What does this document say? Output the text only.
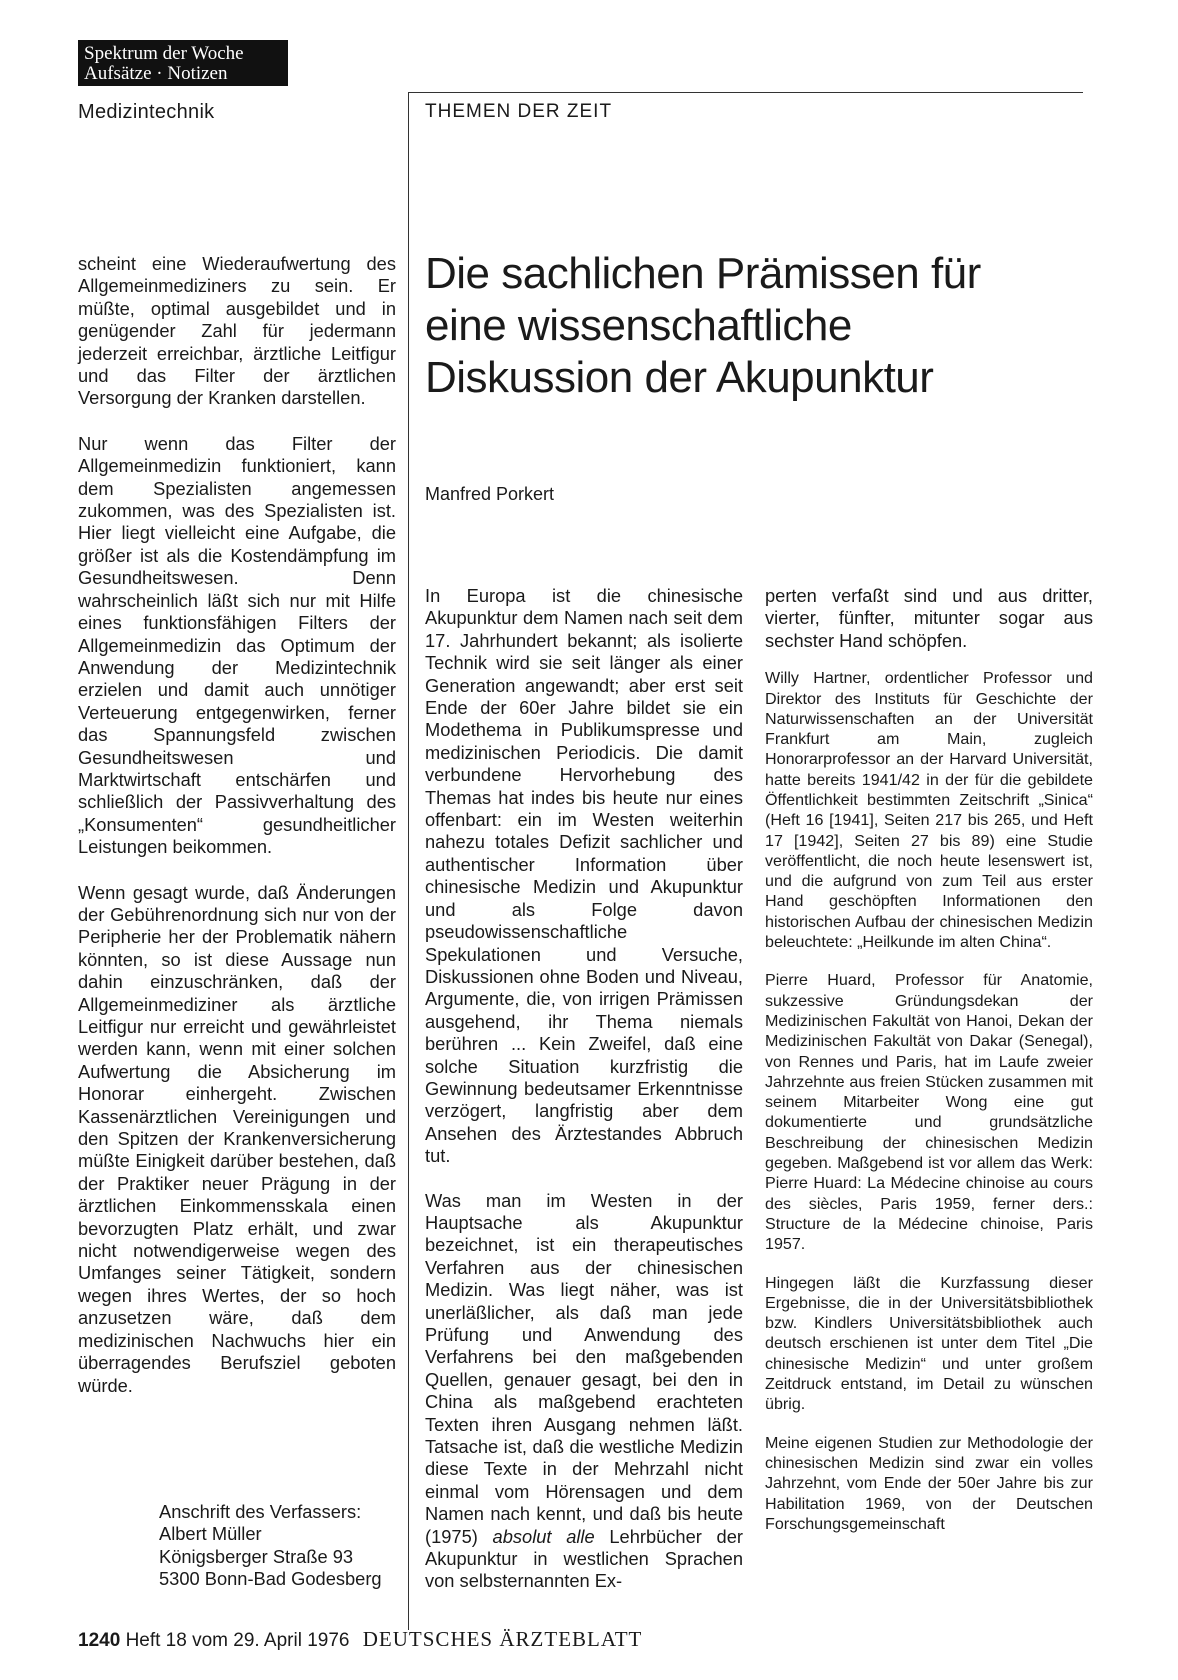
Spektrum der Woche
Aufsätze · Notizen
Medizintechnik	THEMEN DER ZEIT

scheint eine Wiederaufwertung des Allgemeinmediziners zu sein. Er müßte, optimal ausgebildet und in genügender Zahl für jedermann jederzeit erreichbar, ärztliche Leitfigur und das Filter der ärztlichen Versorgung der Kranken darstellen.

Nur wenn das Filter der Allgemeinmedizin funktioniert, kann dem Spezialisten angemessen zukommen, was des Spezialisten ist. Hier liegt vielleicht eine Aufgabe, die größer ist als die Kostendämpfung im Gesundheitswesen. Denn wahrscheinlich läßt sich nur mit Hilfe eines funktionsfähigen Filters der Allgemeinmedizin das Optimum der Anwendung der Medizintechnik erzielen und damit auch unnötiger Verteuerung entgegenwirken, ferner das Spannungsfeld zwischen Gesundheitswesen und Marktwirtschaft entschärfen und schließlich der Passivverhaltung des „Konsumenten“ gesundheitlicher Leistungen beikommen.

Wenn gesagt wurde, daß Änderungen der Gebührenordnung sich nur von der Peripherie her der Problematik nähern könnten, so ist diese Aussage nun dahin einzuschränken, daß der Allgemeinmediziner als ärztliche Leitfigur nur erreicht und gewährleistet werden kann, wenn mit einer solchen Aufwertung die Absicherung im Honorar einhergeht. Zwischen Kassenärztlichen Vereinigungen und den Spitzen der Krankenversicherung müßte Einigkeit darüber bestehen, daß der Praktiker neuer Prägung in der ärztlichen Einkommensskala einen bevorzugten Platz erhält, und zwar nicht notwendigerweise wegen des Umfanges seiner Tätigkeit, sondern wegen ihres Wertes, der so hoch anzusetzen wäre, daß dem medizinischen Nachwuchs hier ein überragendes Berufsziel geboten würde.

Anschrift des Verfassers:
Albert Müller
Königsberger Straße 93
5300 Bonn-Bad Godesberg
Die sachlichen Prämissen für eine wissenschaftliche Diskussion der Akupunktur
Manfred Porkert

In Europa ist die chinesische Akupunktur dem Namen nach seit dem 17. Jahrhundert bekannt; als isolierte Technik wird sie seit länger als einer Generation angewandt; aber erst seit Ende der 60er Jahre bildet sie ein Modethema in Publikumspresse und medizinischen Periodicis. Die damit verbundene Hervorhebung des Themas hat indes bis heute nur eines offenbart: ein im Westen weiterhin nahezu totales Defizit sachlicher und authentischer Information über chinesische Medizin und Akupunktur und als Folge davon pseudowissenschaftliche Spekulationen und Versuche, Diskussionen ohne Boden und Niveau, Argumente, die, von irrigen Prämissen ausgehend, ihr Thema niemals berühren ... Kein Zweifel, daß eine solche Situation kurzfristig die Gewinnung bedeutsamer Erkenntnisse verzögert, langfristig aber dem Ansehen des Ärztestandes Abbruch tut.

Was man im Westen in der Hauptsache als Akupunktur bezeichnet, ist ein therapeutisches Verfahren aus der chinesischen Medizin. Was liegt näher, was ist unerläßlicher, als daß man jede Prüfung und Anwendung des Verfahrens bei den maßgebenden Quellen, genauer gesagt, bei den in China als maßgebend erachteten Texten ihren Ausgang nehmen läßt. Tatsache ist, daß die westliche Medizin diese Texte in der Mehrzahl nicht einmal vom Hörensagen und dem Namen nach kennt, und daß bis heute (1975) absolut alle Lehrbücher der Akupunktur in westlichen Sprachen von selbsternannten Ex-

perten verfaßt sind und aus dritter, vierter, fünfter, mitunter sogar aus sechster Hand schöpfen.

Willy Hartner, ordentlicher Professor und Direktor des Instituts für Geschichte der Naturwissenschaften an der Universität Frankfurt am Main, zugleich Honorarprofessor an der Harvard Universität, hatte bereits 1941/42 in der für die gebildete Öffentlichkeit bestimmten Zeitschrift „Sinica“ (Heft 16 [1941], Seiten 217 bis 265, und Heft 17 [1942], Seiten 27 bis 89) eine Studie veröffentlicht, die noch heute lesenswert ist, und die aufgrund von zum Teil aus erster Hand geschöpften Informationen den historischen Aufbau der chinesischen Medizin beleuchtete: „Heilkunde im alten China“.

Pierre Huard, Professor für Anatomie, sukzessive Gründungsdekan der Medizinischen Fakultät von Hanoi, Dekan der Medizinischen Fakultät von Dakar (Senegal), von Rennes und Paris, hat im Laufe zweier Jahrzehnte aus freien Stücken zusammen mit seinem Mitarbeiter Wong eine gut dokumentierte und grundsätzliche Beschreibung der chinesischen Medizin gegeben. Maßgebend ist vor allem das Werk: Pierre Huard: La Médecine chinoise au cours des siècles, Paris 1959, ferner ders.: Structure de la Médecine chinoise, Paris 1957.

Hingegen läßt die Kurzfassung dieser Ergebnisse, die in der Universitätsbibliothek bzw. Kindlers Universitätsbibliothek auch deutsch erschienen ist unter dem Titel „Die chinesische Medizin“ und unter großem Zeitdruck entstand, im Detail zu wünschen übrig.

Meine eigenen Studien zur Methodologie der chinesischen Medizin sind zwar ein volles Jahrzehnt, vom Ende der 50er Jahre bis zur Habilitation 1969, von der Deutschen Forschungsgemeinschaft

1240 Heft 18 vom 29. April 1976 DEUTSCHES ÄRZTEBLATT
